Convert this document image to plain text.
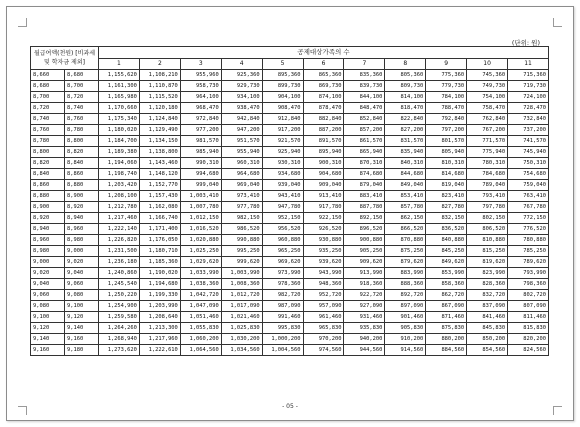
(단위: 원)
월급여액(천원) [비과세 및 학자금 제외]		공제대상가족의 수										
		1	2	3	4	5	6	7	8	9	10	11
8,660	8,680	1,155,620	1,108,210	955,960	925,360	895,360	865,360	835,360	805,360	775,360	745,360	715,360
8,680	8,700	1,161,300	1,110,870	958,730	929,730	899,730	869,730	839,730	809,730	779,730	749,730	719,730
8,700	8,720	1,165,980	1,115,520	964,100	934,100	904,100	874,100	844,100	814,100	784,100	754,100	724,100
8,720	8,740	1,170,660	1,120,180	968,470	938,470	908,470	878,470	848,470	818,470	788,470	758,470	728,470
8,740	8,760	1,175,340	1,124,840	972,840	942,840	912,840	882,840	852,840	822,840	792,840	762,840	732,840
8,760	8,780	1,180,020	1,129,490	977,200	947,200	917,200	887,200	857,200	827,200	797,200	767,200	737,200
8,780	8,800	1,184,700	1,134,150	981,570	951,570	921,570	891,570	861,570	831,570	801,570	771,570	741,570
8,800	8,820	1,189,380	1,138,800	985,940	955,940	925,940	895,940	865,940	835,940	805,940	775,940	745,940
8,820	8,840	1,194,060	1,143,460	990,310	960,310	930,310	900,310	870,310	840,310	810,310	780,310	750,310
8,840	8,860	1,198,740	1,148,120	994,680	964,680	934,680	904,680	874,680	844,680	814,680	784,680	754,680
8,860	8,880	1,203,420	1,152,770	999,040	969,040	939,040	909,040	879,040	849,040	819,040	789,040	759,040
8,880	8,900	1,208,100	1,157,430	1,003,410	973,410	943,410	913,410	883,410	853,410	823,410	793,410	763,410
8,900	8,920	1,212,780	1,162,080	1,007,780	977,780	947,780	917,780	887,780	857,780	827,780	797,780	767,780
8,920	8,940	1,217,460	1,166,740	1,012,150	982,150	952,150	922,150	892,150	862,150	832,150	802,150	772,150
8,940	8,960	1,222,140	1,171,400	1,016,520	986,520	956,520	926,520	896,520	866,520	836,520	806,520	776,520
8,960	8,980	1,226,820	1,176,050	1,020,880	990,880	960,880	930,880	900,880	870,880	840,880	810,880	780,880
8,980	9,000	1,231,500	1,180,710	1,025,250	995,250	965,250	935,250	905,250	875,250	845,250	815,250	785,250
9,000	9,020	1,236,180	1,185,360	1,029,620	999,620	969,620	939,620	909,620	879,620	849,620	819,620	789,620
9,020	9,040	1,240,860	1,190,020	1,033,990	1,003,990	973,990	943,990	913,990	883,990	853,990	823,990	793,990
9,040	9,060	1,245,540	1,194,680	1,038,360	1,008,360	978,360	948,360	918,360	888,360	858,360	828,360	798,360
9,060	9,080	1,250,220	1,199,330	1,042,720	1,012,720	982,720	952,720	922,720	892,720	862,720	832,720	802,720
9,080	9,100	1,254,900	1,203,990	1,047,090	1,017,090	987,090	957,090	927,090	897,090	867,090	837,090	807,090
9,100	9,120	1,259,580	1,208,640	1,051,460	1,021,460	991,460	961,460	931,460	901,460	871,460	841,460	811,460
9,120	9,140	1,264,260	1,213,300	1,055,830	1,025,830	995,830	965,830	935,830	905,830	875,830	845,830	815,830
9,140	9,160	1,268,940	1,217,960	1,060,200	1,030,200	1,000,200	970,200	940,200	910,200	880,200	850,200	820,200
9,160	9,180	1,273,620	1,222,610	1,064,560	1,034,560	1,004,560	974,560	944,560	914,560	884,560	854,560	824,560
- 05 -
